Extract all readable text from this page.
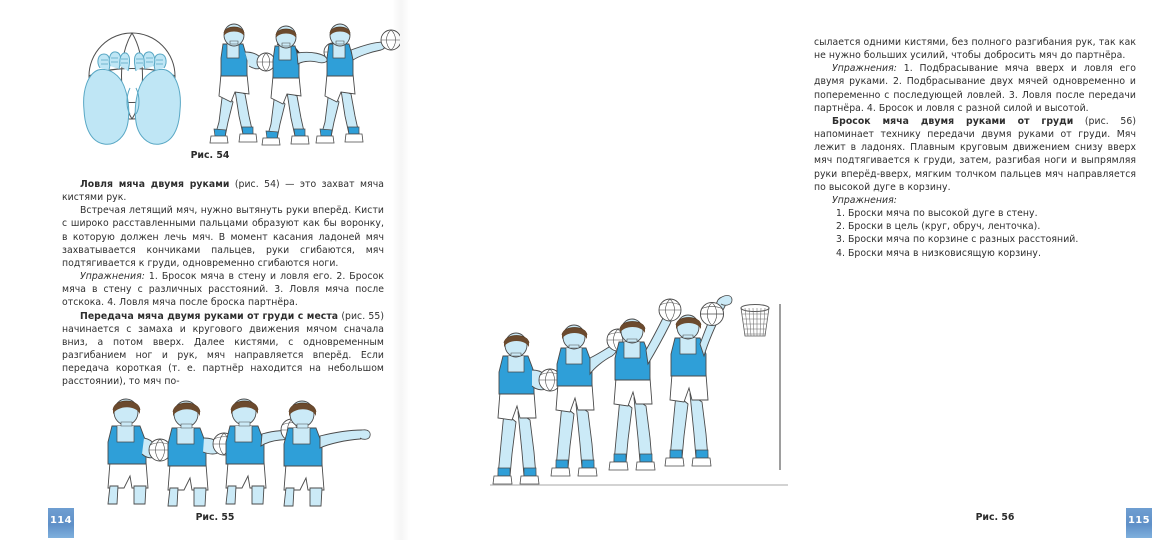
Рис. 54

Ловля мяча двумя руками (рис. 54) — это захват мяча кистями рук.

Встречая летящий мяч, нужно вытянуть руки вперёд. Кисти с широко расставленными пальцами образуют как бы воронку, в которую должен лечь мяч. В момент касания ладоней мяч захватывается кончиками пальцев, руки сгибаются, мяч подтягивается к груди, одновременно сгибаются ноги.

Упражнения: 1. Бросок мяча в стену и ловля его. 2. Бросок мяча в стену с различных расстояний. 3. Ловля мяча после отскока. 4. Ловля мяча после броска партнёра.

Передача мяча двумя руками от груди с места (рис. 55) начинается с замаха и кругового движения мячом сначала вниз, а потом вверх. Далее кистями, с одновременным разгибанием ног и рук, мяч направляется вперёд. Если передача короткая (т. е. партнёр находится на небольшом расстоянии), то мяч по-

Рис. 55
114

сылается одними кистями, без полного разгибания рук, так как не нужно больших усилий, чтобы добросить мяч до партнёра.

Упражнения: 1. Подбрасывание мяча вверх и ловля его двумя руками. 2. Подбрасывание двух мячей одновременно и попеременно с последующей ловлей. 3. Ловля после передачи партнёра. 4. Бросок и ловля с разной силой и высотой.

Бросок мяча двумя руками от груди (рис. 56) напоминает технику передачи двумя руками от груди. Мяч лежит в ладонях. Плавным круговым движением снизу вверх мяч подтягивается к груди, затем, разгибая ноги и выпрямляя руки вперёд-вверх, мягким толчком пальцев мяч направляется по высокой дуге в корзину.

Упражнения:

1. Броски мяча по высокой дуге в стену.
2. Броски в цель (круг, обруч, ленточка).
3. Броски мяча по корзине с разных расстояний.
4. Броски мяча в низковисящую корзину.
Рис. 56	115
